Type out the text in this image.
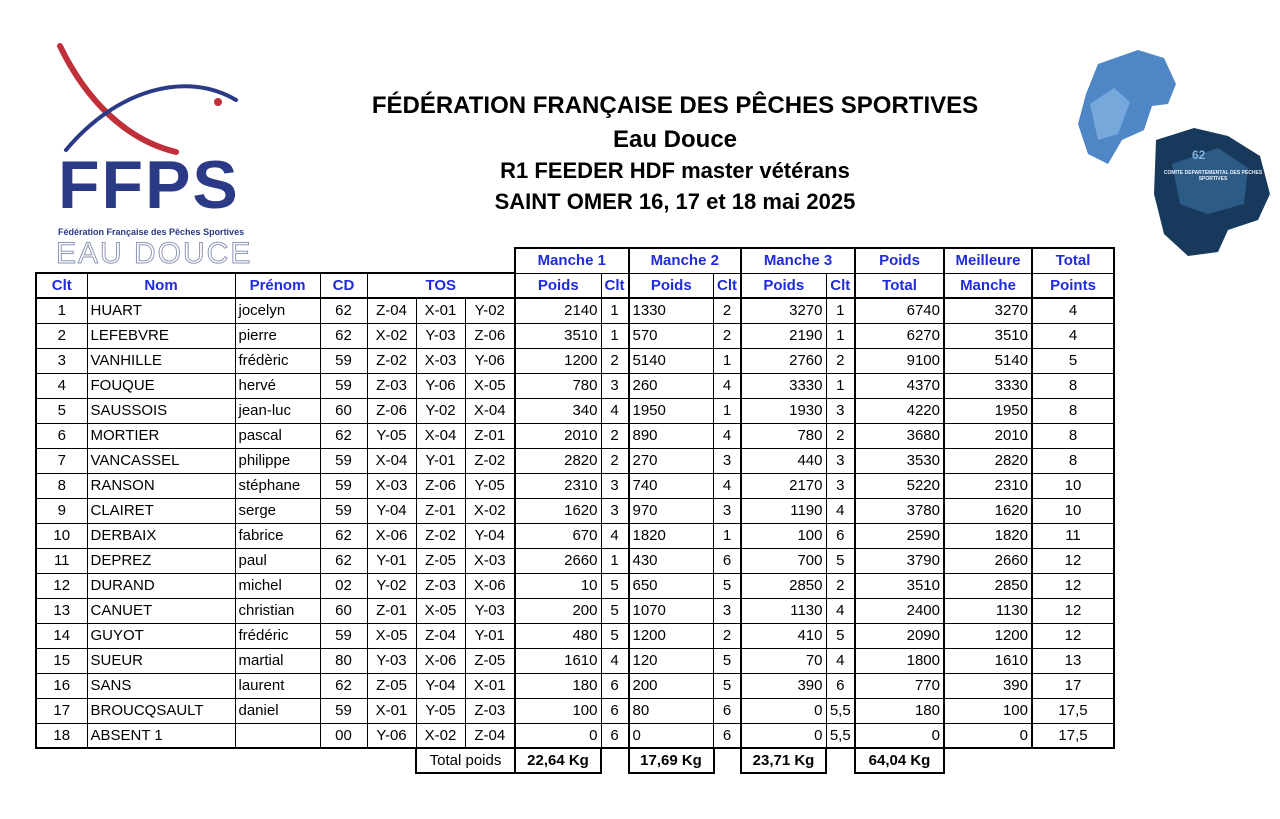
FFPS
Fédération Française des Pêches Sportives
EAU DOUCE
62
COMITE DEPARTEMENTAL DES PECHES SPORTIVES
FÉDÉRATION FRANÇAISE DES PÊCHES SPORTIVES
Eau Douce
R1 FEEDER HDF master vétérans
SAINT OMER 16, 17 et 18 mai 2025
							Manche 1		Manche 2		Manche 3		Poids	Meilleure	Total
Clt	Nom	Prénom	CD	TOS			Poids	Clt	Poids	Clt	Poids	Clt	Total	Manche	Points
1	HUART	jocelyn	62	Z-04	X-01	Y-02	2140	1	1330	2	3270	1	6740	3270	4
2	LEFEBVRE	pierre	62	X-02	Y-03	Z-06	3510	1	570	2	2190	1	6270	3510	4
3	VANHILLE	frédèric	59	Z-02	X-03	Y-06	1200	2	5140	1	2760	2	9100	5140	5
4	FOUQUE	hervé	59	Z-03	Y-06	X-05	780	3	260	4	3330	1	4370	3330	8
5	SAUSSOIS	jean-luc	60	Z-06	Y-02	X-04	340	4	1950	1	1930	3	4220	1950	8
6	MORTIER	pascal	62	Y-05	X-04	Z-01	2010	2	890	4	780	2	3680	2010	8
7	VANCASSEL	philippe	59	X-04	Y-01	Z-02	2820	2	270	3	440	3	3530	2820	8
8	RANSON	stéphane	59	X-03	Z-06	Y-05	2310	3	740	4	2170	3	5220	2310	10
9	CLAIRET	serge	59	Y-04	Z-01	X-02	1620	3	970	3	1190	4	3780	1620	10
10	DERBAIX	fabrice	62	X-06	Z-02	Y-04	670	4	1820	1	100	6	2590	1820	11
11	DEPREZ	paul	62	Y-01	Z-05	X-03	2660	1	430	6	700	5	3790	2660	12
12	DURAND	michel	02	Y-02	Z-03	X-06	10	5	650	5	2850	2	3510	2850	12
13	CANUET	christian	60	Z-01	X-05	Y-03	200	5	1070	3	1130	4	2400	1130	12
14	GUYOT	frédéric	59	X-05	Z-04	Y-01	480	5	1200	2	410	5	2090	1200	12
15	SUEUR	martial	80	Y-03	X-06	Z-05	1610	4	120	5	70	4	1800	1610	13
16	SANS	laurent	62	Z-05	Y-04	X-01	180	6	200	5	390	6	770	390	17
17	BROUCQSAULT	daniel	59	X-01	Y-05	Z-03	100	6	80	6	0	5,5	180	100	17,5
18	ABSENT 1		00	Y-06	X-02	Z-04	0	6	0	6	0	5,5	0	0	17,5
					Total poids		22,64 Kg		17,69 Kg		23,71 Kg		64,04 Kg		
